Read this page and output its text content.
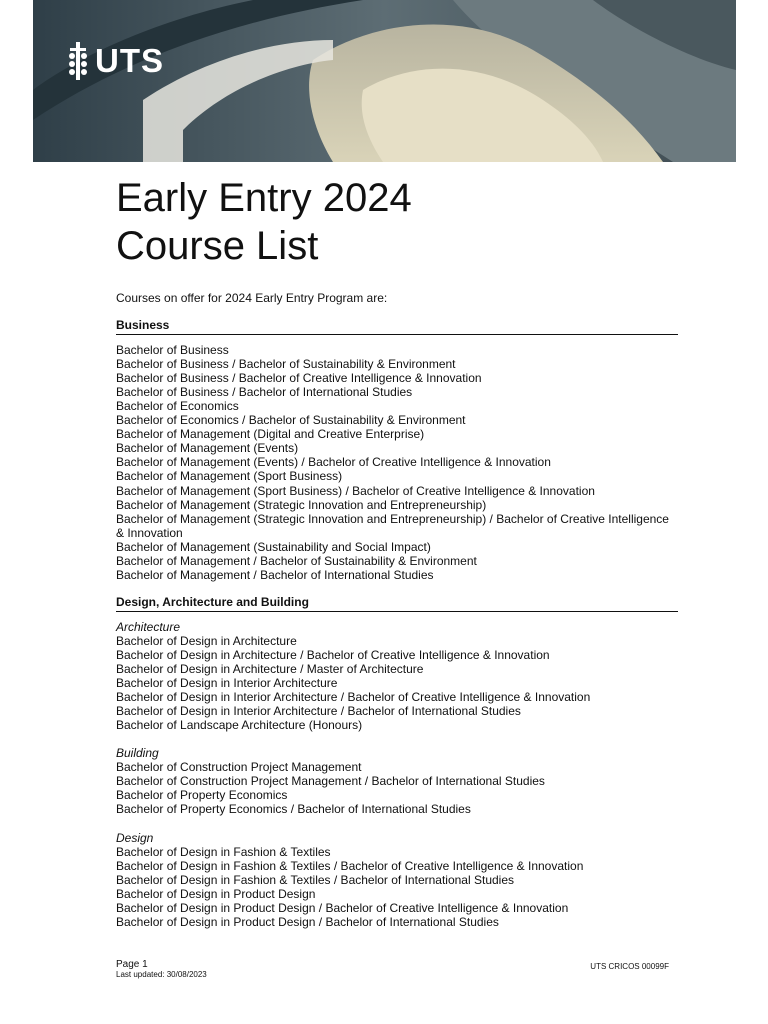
UTS
Early Entry 2024
Course List

Courses on offer for 2024 Early Entry Program are:

Business
Bachelor of Business
Bachelor of Business / Bachelor of Sustainability & Environment
Bachelor of Business / Bachelor of Creative Intelligence & Innovation
Bachelor of Business / Bachelor of International Studies
Bachelor of Economics
Bachelor of Economics / Bachelor of Sustainability & Environment
Bachelor of Management (Digital and Creative Enterprise)
Bachelor of Management (Events)
Bachelor of Management (Events) / Bachelor of Creative Intelligence & Innovation
Bachelor of Management (Sport Business)
Bachelor of Management (Sport Business) / Bachelor of Creative Intelligence & Innovation
Bachelor of Management (Strategic Innovation and Entrepreneurship)
Bachelor of Management (Strategic Innovation and Entrepreneurship) / Bachelor of Creative Intelligence & Innovation
Bachelor of Management (Sustainability and Social Impact)
Bachelor of Management / Bachelor of Sustainability & Environment
Bachelor of Management / Bachelor of International Studies
Design, Architecture and Building
Architecture
Bachelor of Design in Architecture
Bachelor of Design in Architecture / Bachelor of Creative Intelligence & Innovation
Bachelor of Design in Architecture / Master of Architecture
Bachelor of Design in Interior Architecture
Bachelor of Design in Interior Architecture / Bachelor of Creative Intelligence & Innovation
Bachelor of Design in Interior Architecture / Bachelor of International Studies
Bachelor of Landscape Architecture (Honours)
Building
Bachelor of Construction Project Management
Bachelor of Construction Project Management / Bachelor of International Studies
Bachelor of Property Economics
Bachelor of Property Economics / Bachelor of International Studies
Design
Bachelor of Design in Fashion & Textiles
Bachelor of Design in Fashion & Textiles / Bachelor of Creative Intelligence & Innovation
Bachelor of Design in Fashion & Textiles / Bachelor of International Studies
Bachelor of Design in Product Design
Bachelor of Design in Product Design / Bachelor of Creative Intelligence & Innovation
Bachelor of Design in Product Design / Bachelor of International Studies
Page 1
Last updated: 30/08/2023
UTS CRICOS 00099F
